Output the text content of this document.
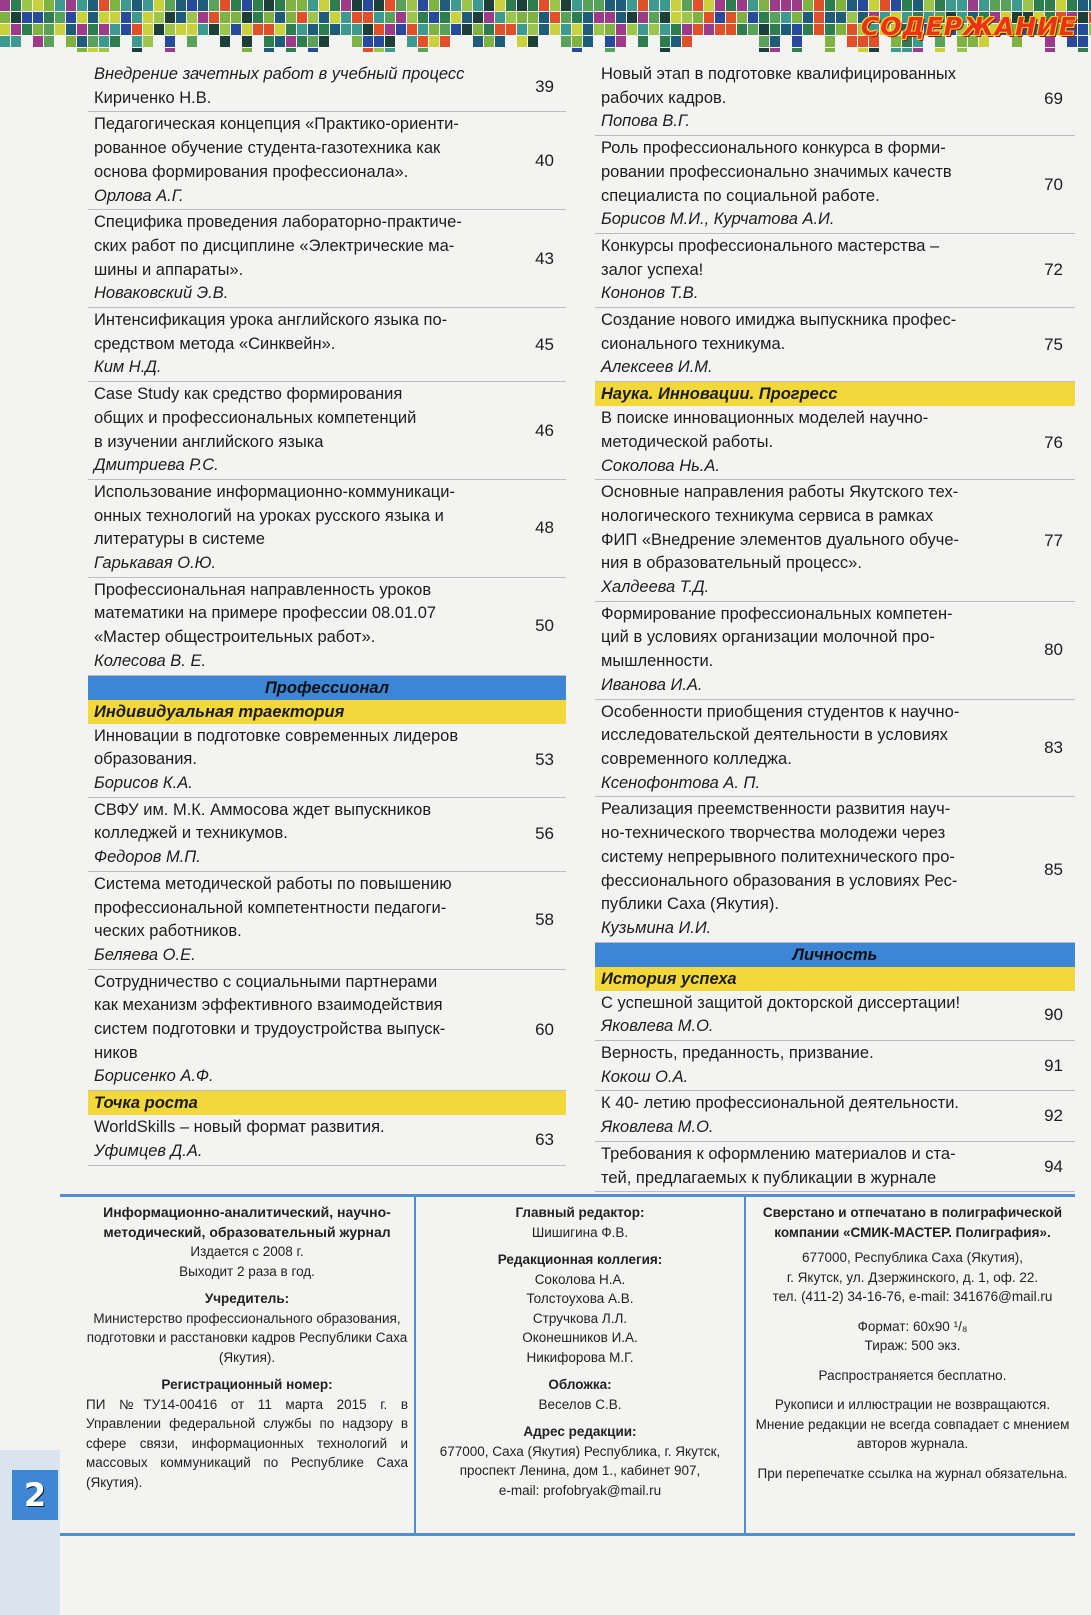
СОДЕРЖАНИЕ
Внедрение зачетных работ в учебный процесс
Кириченко Н.В.
39
Педагогическая концепция «Практико-ориенти-
рованное обучение студента-газотехника как
основа формирования профессионала».
Орлова А.Г.
40
Специфика проведения лабораторно-практиче-
ских работ по дисциплине «Электрические ма-
шины и аппараты».
Новаковский Э.В.
43
Интенсификация урока английского языка по-
средством метода «Синквейн».
Ким Н.Д.
45
Case Study как средство формирования
общих и профессиональных компетенций
в изучении английского языка
Дмитриева Р.С.
46
Использование информационно-коммуникаци-
онных технологий на уроках русского языка и
литературы в системе
Гарькавая О.Ю.
48
Профессиональная направленность уроков
математики на примере профессии 08.01.07
«Мастер общестроительных работ».
Колесова В. Е.
50
Профессионал
Индивидуальная траектория
Инновации в подготовке современных лидеров
образования.
Борисов К.А.
53
СВФУ им. М.К. Аммосова ждет выпускников
колледжей и техникумов.
Федоров М.П.
56
Система методической работы по повышению
профессиональной компетентности педагоги-
ческих работников.
Беляева О.Е.
58
Сотрудничество с социальными партнерами
как механизм эффективного взаимодействия
систем подготовки и трудоустройства выпуск-
ников
Борисенко А.Ф.
60
Точка роста
WorldSkills – новый формат развития.
Уфимцев Д.А.
63
Новый этап в подготовке квалифицированных
рабочих кадров.
Попова В.Г.
69
Роль профессионального конкурса в форми-
ровании профессионально значимых качеств
специалиста по социальной работе.
Борисов М.И., Курчатова А.И.
70
Конкурсы профессионального мастерства –
залог успеха!
Кононов Т.В.
72
Создание нового имиджа выпускника профес-
сионального техникума.
Алексеев И.М.
75
Наука. Инновации. Прогресс
В поиске инновационных моделей научно-
методической работы.
Соколова Нь.А.
76
Основные направления работы Якутского тех-
нологического техникума сервиса в рамках
ФИП «Внедрение элементов дуального обуче-
ния в образовательный процесс».
Халдеева Т.Д.
77
Формирование профессиональных компетен-
ций в условиях организации молочной про-
мышленности.
Иванова И.А.
80
Особенности приобщения студентов к научно-
исследовательской деятельности в условиях
современного колледжа.
Ксенофонтова А. П.
83
Реализация преемственности развития науч-
но-технического творчества молодежи через
систему непрерывного политехнического про-
фессионального образования в условиях Рес-
публики Саха (Якутия).
Кузьмина И.И.
85
Личность
История успеха
С успешной защитой докторской диссертации!
Яковлева М.О.
90
Верность, преданность, призвание.
Кокош О.А.
91
К 40- летию профессиональной деятельности.
Яковлева М.О.
92
Требования к оформлению материалов и ста-
тей, предлагаемых к публикации в журнале
94
Информационно-аналитический, научно-методический, образовательный журнал
Издается с 2008 г.
Выходит 2 раза в год.
Учредитель:
Министерство профессионального образования, подготовки и расстановки кадров Республики Саха (Якутия).
Регистрационный номер:
ПИ №ТУ14-00416 от 11 марта 2015 г. в Управлении федеральной службы по надзору в сфере связи, информационных технологий и массовых коммуникаций по Республике Саха (Якутия).
Главный редактор:
Шишигина Ф.В.
Редакционная коллегия:
Соколова Н.А.
Толстоухова А.В.
Стручкова Л.Л.
Оконешников И.А.
Никифорова М.Г.
Обложка:
Веселов С.В.
Адрес редакции:
677000, Саха (Якутия) Республика, г. Якутск, проспект Ленина, дом 1., кабинет 907,
e-mail: profobryak@mail.ru
Сверстано и отпечатано в полиграфической компании «СМИК-МАСТЕР. Полиграфия».
677000, Республика Саха (Якутия),
г. Якутск, ул. Дзержинского, д. 1, оф. 22.
тел. (411-2) 34-16-76, e-mail: 341676@mail.ru
Формат: 60х90 ¹/₈
Тираж: 500 экз.
Распространяется бесплатно.
Рукописи и иллюстрации не возвращаются. Мнение редакции не всегда совпадает с мнением авторов журнала.
При перепечатке ссылка на журнал обязательна.
2
